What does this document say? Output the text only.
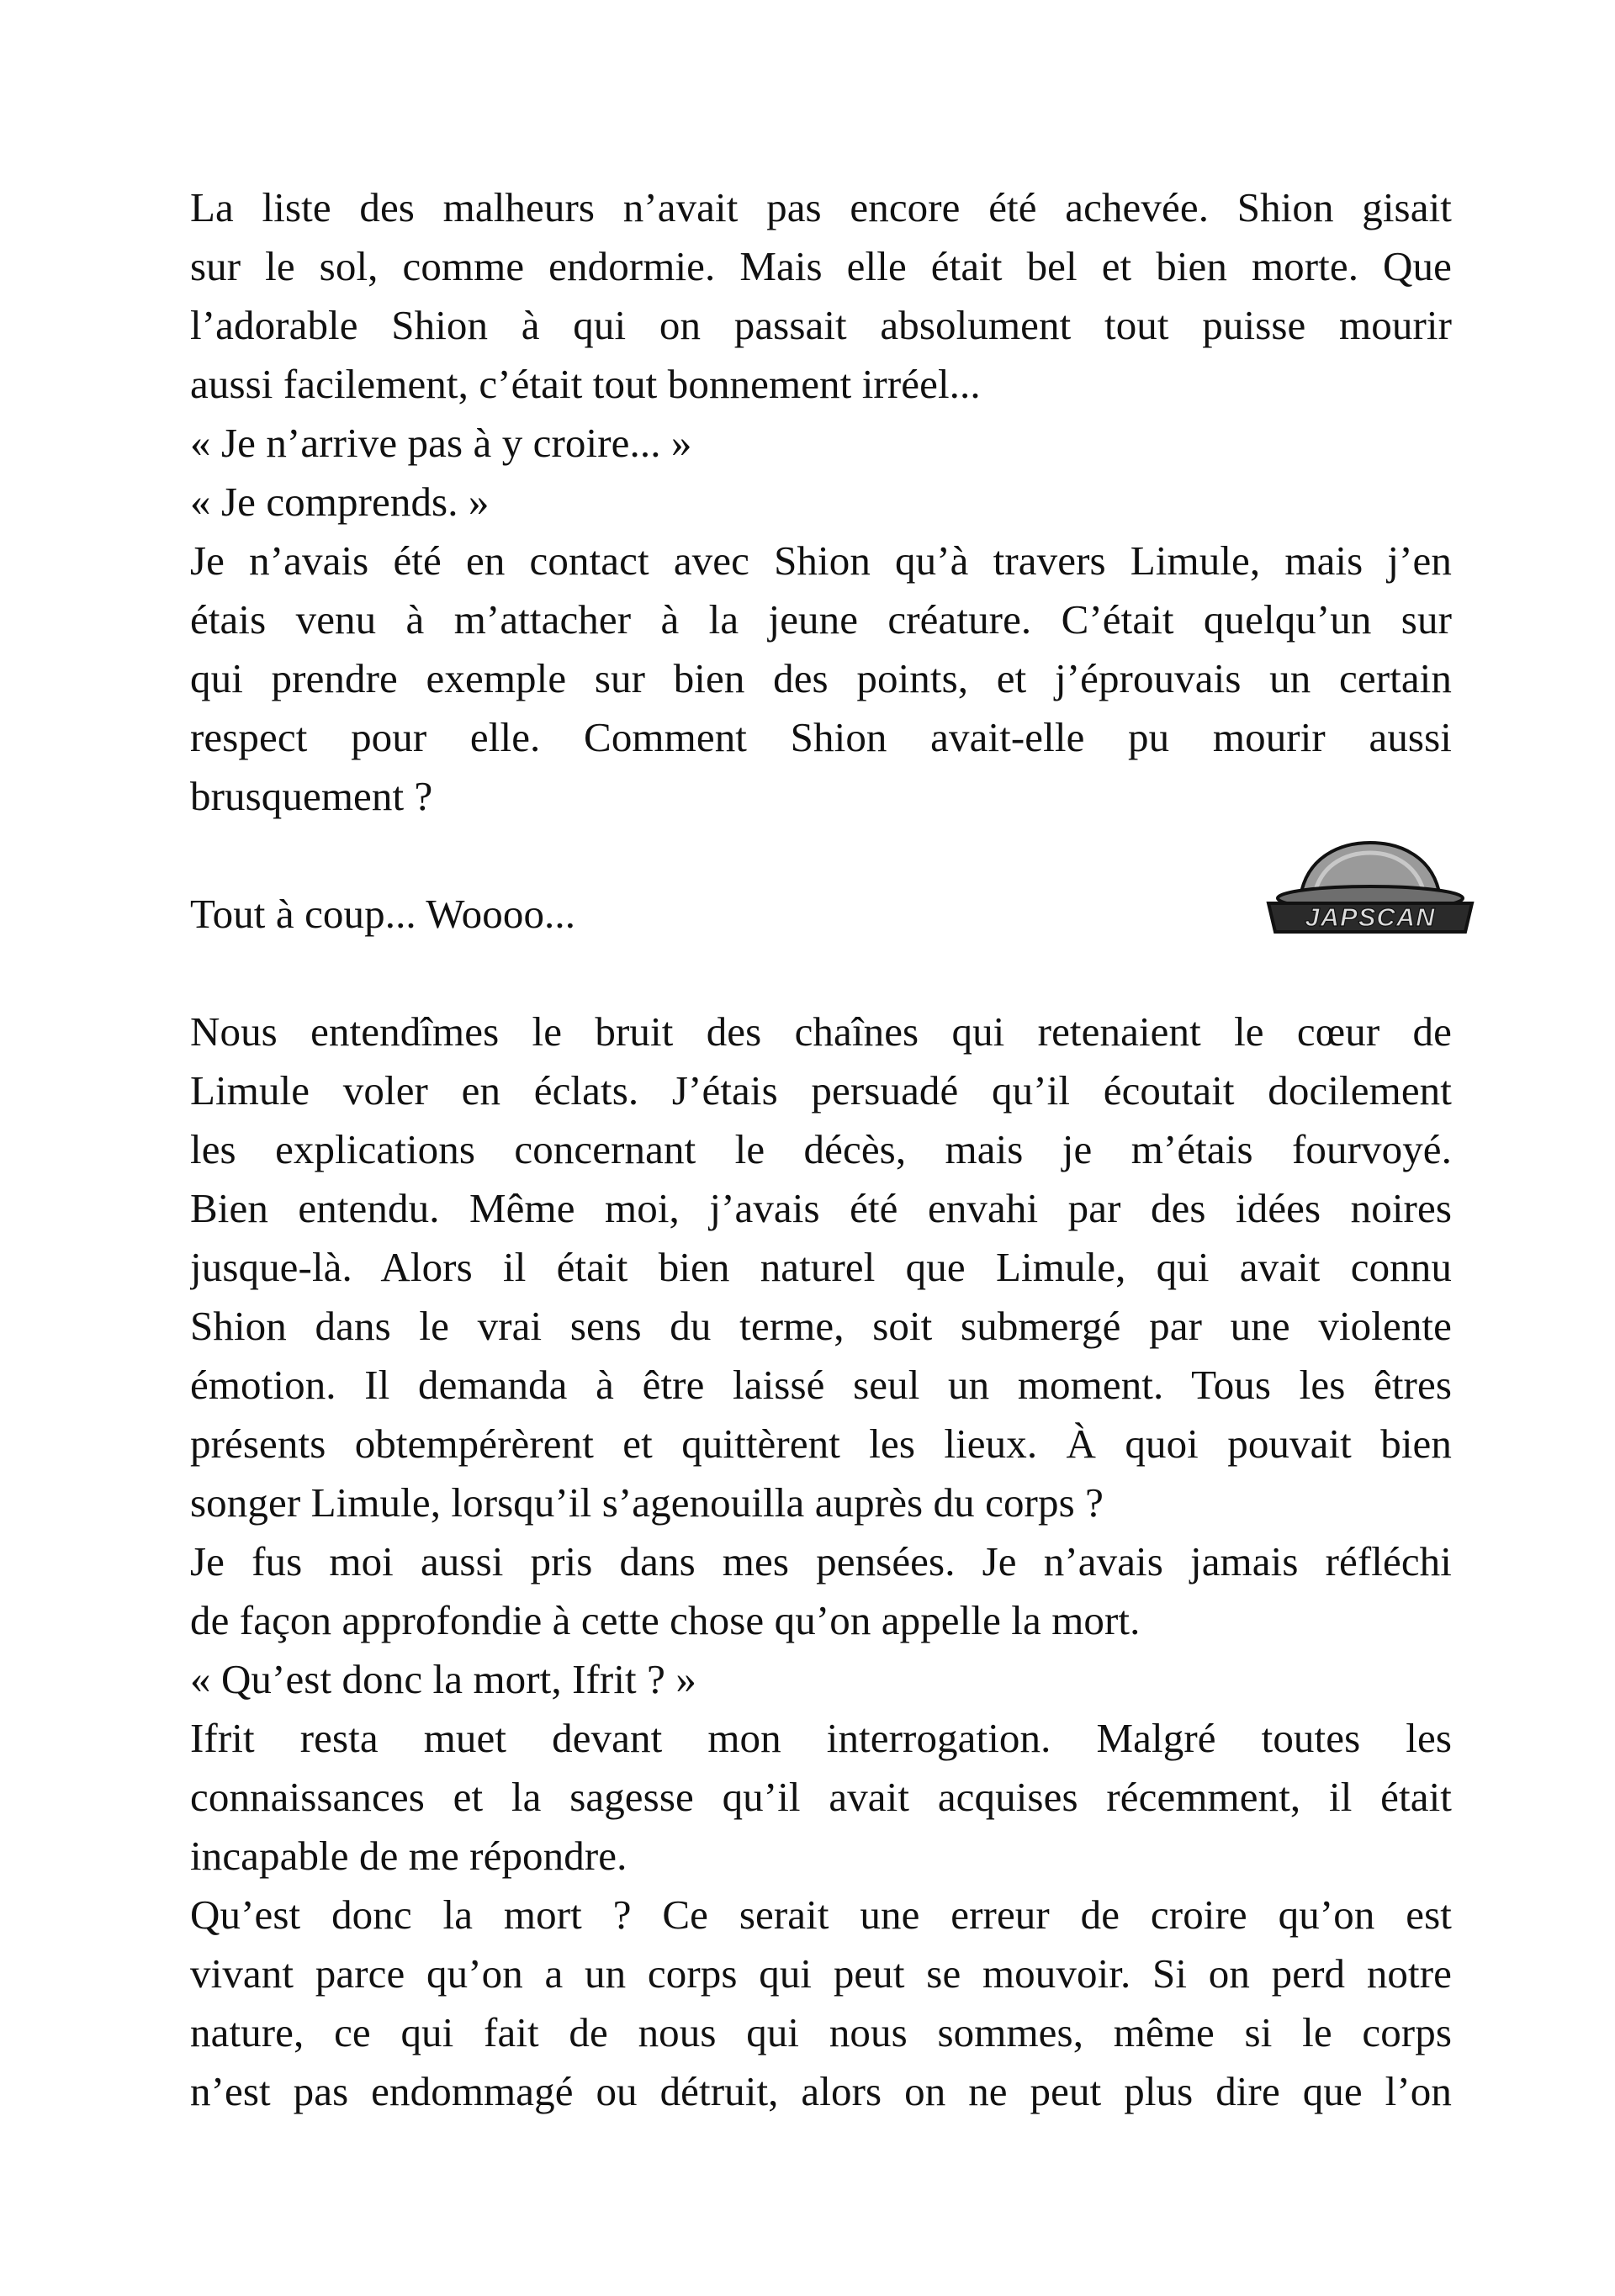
La liste des malheurs n’avait pas encore été achevée. Shion gisait
sur le sol, comme endormie. Mais elle était bel et bien morte. Que
l’adorable Shion à qui on passait absolument tout puisse mourir
aussi facilement, c’était tout bonnement irréel...
« Je n’arrive pas à y croire... »
« Je comprends. »
Je n’avais été en contact avec Shion qu’à travers Limule, mais j’en
étais venu à m’attacher à la jeune créature. C’était quelqu’un sur
qui prendre exemple sur bien des points, et j’éprouvais un certain
respect pour elle. Comment Shion avait-elle pu mourir aussi
brusquement ?
Tout à coup... Woooo...
Nous entendîmes le bruit des chaînes qui retenaient le cœur de
Limule voler en éclats. J’étais persuadé qu’il écoutait docilement
les explications concernant le décès, mais je m’étais fourvoyé.
Bien entendu. Même moi, j’avais été envahi par des idées noires
jusque-là. Alors il était bien naturel que Limule, qui avait connu
Shion dans le vrai sens du terme, soit submergé par une violente
émotion. Il demanda à être laissé seul un moment. Tous les êtres
présents obtempérèrent et quittèrent les lieux. À quoi pouvait bien
songer Limule, lorsqu’il s’agenouilla auprès du corps ?
Je fus moi aussi pris dans mes pensées. Je n’avais jamais réfléchi
de façon approfondie à cette chose qu’on appelle la mort.
« Qu’est donc la mort, Ifrit ? »
Ifrit resta muet devant mon interrogation. Malgré toutes les
connaissances et la sagesse qu’il avait acquises récemment, il était
incapable de me répondre.
Qu’est donc la mort ? Ce serait une erreur de croire qu’on est
vivant parce qu’on a un corps qui peut se mouvoir. Si on perd notre
nature, ce qui fait de nous qui nous sommes, même si le corps
n’est pas endommagé ou détruit, alors on ne peut plus dire que l’on
JAPSCAN
